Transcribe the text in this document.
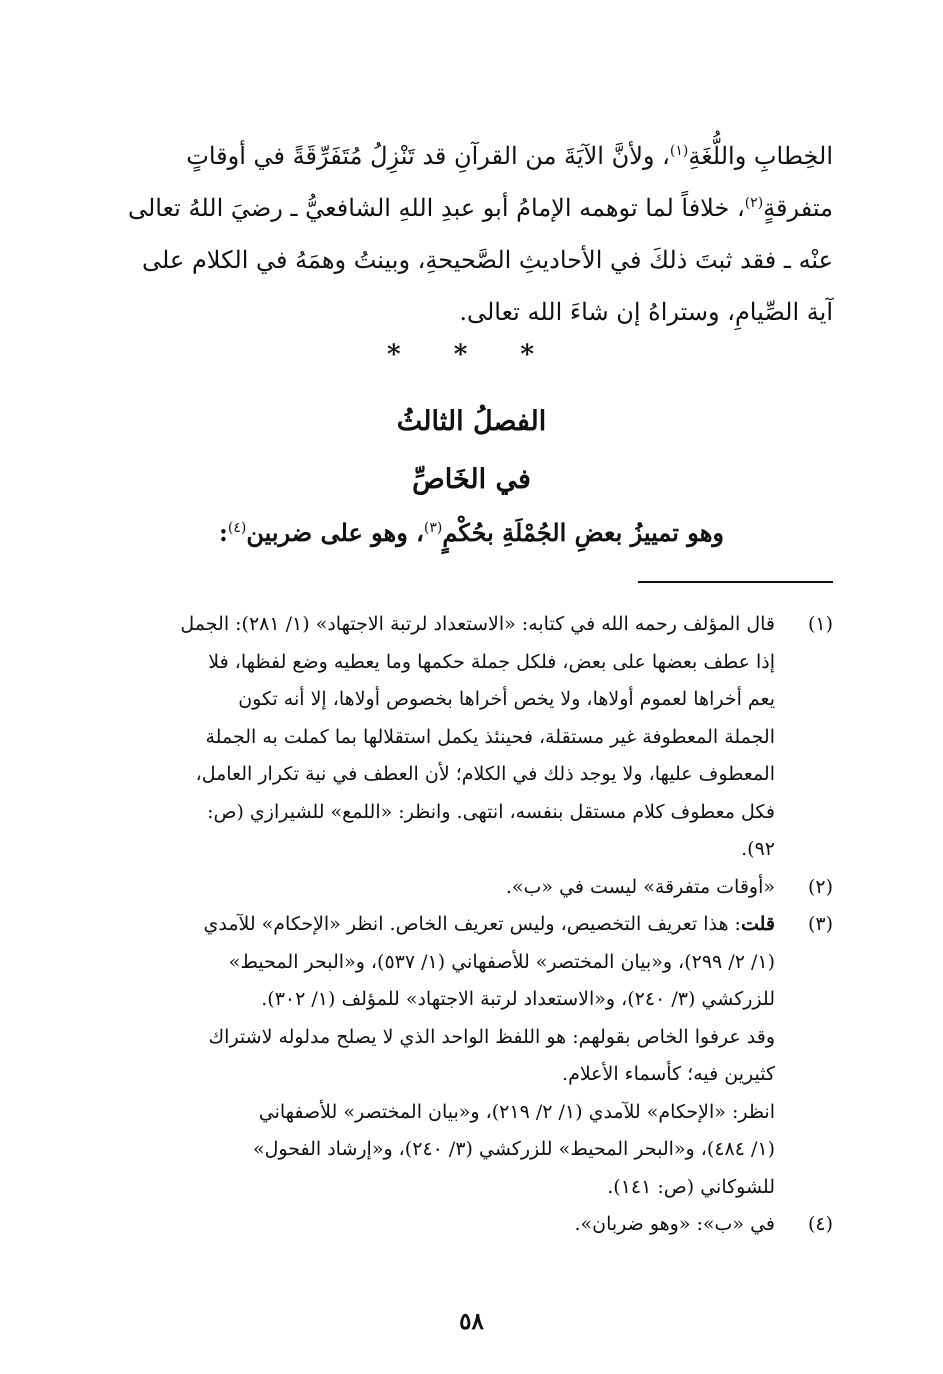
الخِطابِ واللُّغَةِ$^{(١)}$، ولأنَّ الآيَةَ من القرآنِ قد تَنْزِلُ مُتَفَرِّقَةً في أوقاتٍ
متفرقةٍ$^{(٢)}$، خلافاً لما توهمه الإمامُ أبو عبدِ اللهِ الشافعيُّ ـ رضيَ اللهُ تعالى
عنْه ـ فقد ثبتَ ذلكَ في الأحاديثِ الصَّحيحةِ، وبينتُ وهمَهُ في الكلام على
آية الصِّيامِ، وستراهُ إن شاءَ الله تعالى.
* * *
الفصلُ الثالثُ
في الخَاصِّ
وهو تمييزُ بعضِ الجُمْلَةِ بحُكْمٍ$^{(٣)}$، وهو على ضربين$^{(٤)}$:
(١)
قال المؤلف رحمه الله في كتابه: «الاستعداد لرتبة الاجتهاد» (١/ ٢٨١): الجمل
إذا عطف بعضها على بعض، فلكل جملة حكمها وما يعطيه وضع لفظها، فلا
يعم أخراها لعموم أولاها، ولا يخص أخراها بخصوص أولاها، إلا أنه تكون
الجملة المعطوفة غير مستقلة، فحينئذ يكمل استقلالها بما كملت به الجملة
المعطوف عليها، ولا يوجد ذلك في الكلام؛ لأن العطف في نية تكرار العامل،
فكل معطوف كلام مستقل بنفسه، انتهى. وانظر: «اللمع» للشيرازي (ص:
٩٢).
(٢)
«أوقات متفرقة» ليست في «ب».
(٣)
قلت: هذا تعريف التخصيص، وليس تعريف الخاص. انظر «الإحكام» للآمدي
(١/ ٢/ ٢٩٩)، و«بيان المختصر» للأصفهاني (١/ ٥٣٧)، و«البحر المحيط»
للزركشي (٣/ ٢٤٠)، و«الاستعداد لرتبة الاجتهاد» للمؤلف (١/ ٣٠٢).
وقد عرفوا الخاص بقولهم: هو اللفظ الواحد الذي لا يصلح مدلوله لاشتراك
كثيرين فيه؛ كأسماء الأعلام.
انظر: «الإحكام» للآمدي (١/ ٢/ ٢١٩)، و«بيان المختصر» للأصفهاني
(١/ ٤٨٤)، و«البحر المحيط» للزركشي (٣/ ٢٤٠)، و«إرشاد الفحول»
للشوكاني (ص: ١٤١).
(٤)
في «ب»: «وهو ضربان».
٥٨
